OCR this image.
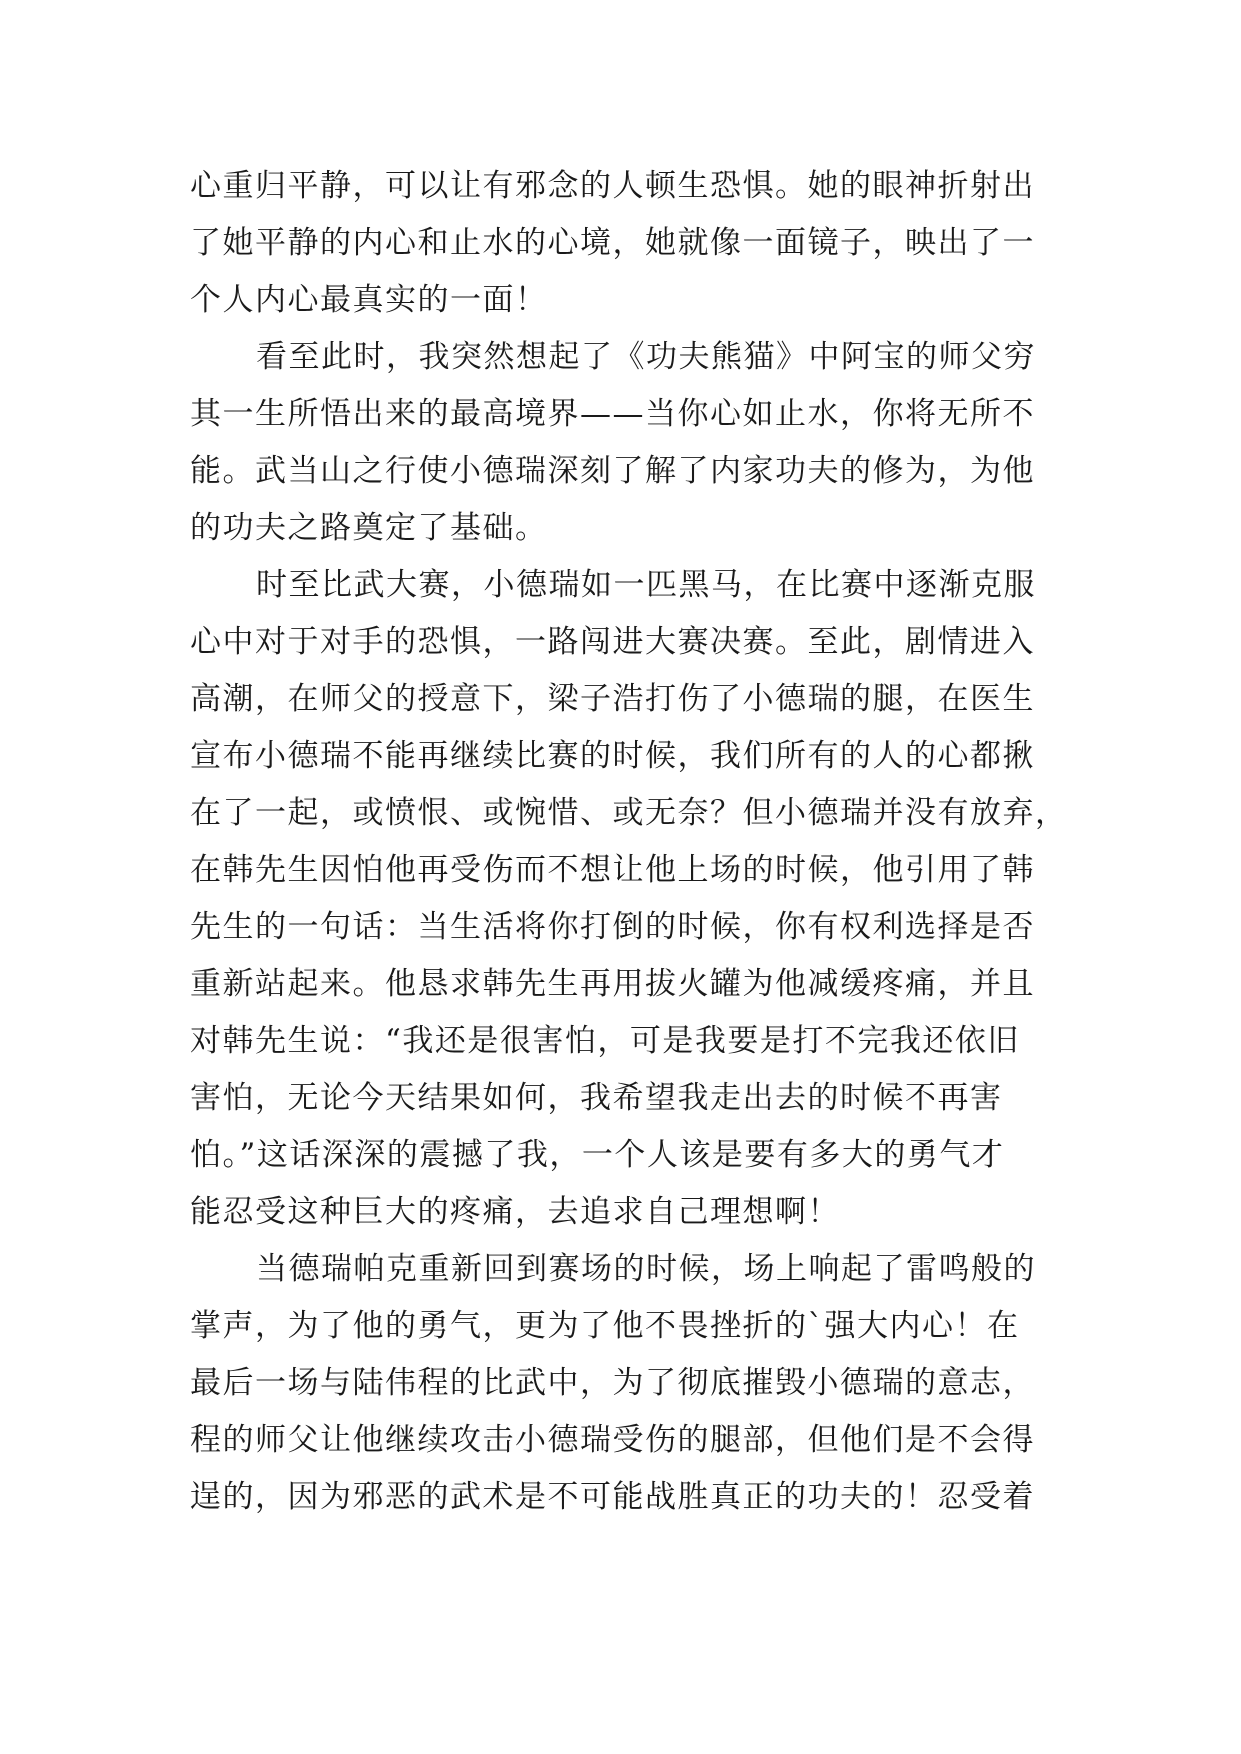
心重归平静，可以让有邪念的人顿生恐惧。她的眼神折射出
了她平静的内心和止水的心境，她就像一面镜子，映出了一
个人内心最真实的一面！
看至此时，我突然想起了《功夫熊猫》中阿宝的师父穷
其一生所悟出来的最高境界——当你心如止水，你将无所不
能。武当山之行使小德瑞深刻了解了内家功夫的修为，为他
的功夫之路奠定了基础。
时至比武大赛，小德瑞如一匹黑马，在比赛中逐渐克服
心中对于对手的恐惧，一路闯进大赛决赛。至此，剧情进入
高潮，在师父的授意下，梁子浩打伤了小德瑞的腿，在医生
宣布小德瑞不能再继续比赛的时候，我们所有的人的心都揪
在了一起，或愤恨、或惋惜、或无奈？但小德瑞并没有放弃，
在韩先生因怕他再受伤而不想让他上场的时候，他引用了韩
先生的一句话：当生活将你打倒的时候，你有权利选择是否
重新站起来。他恳求韩先生再用拔火罐为他减缓疼痛，并且
对韩先生说：“我还是很害怕，可是我要是打不完我还依旧
害怕，无论今天结果如何，我希望我走出去的时候不再害
怕。”这话深深的震撼了我，一个人该是要有多大的勇气才
能忍受这种巨大的疼痛，去追求自己理想啊！
当德瑞帕克重新回到赛场的时候，场上响起了雷鸣般的
掌声，为了他的勇气，更为了他不畏挫折的`强大内心！在
最后一场与陆伟程的比武中，为了彻底摧毁小德瑞的意志，
程的师父让他继续攻击小德瑞受伤的腿部，但他们是不会得
逞的，因为邪恶的武术是不可能战胜真正的功夫的！忍受着
